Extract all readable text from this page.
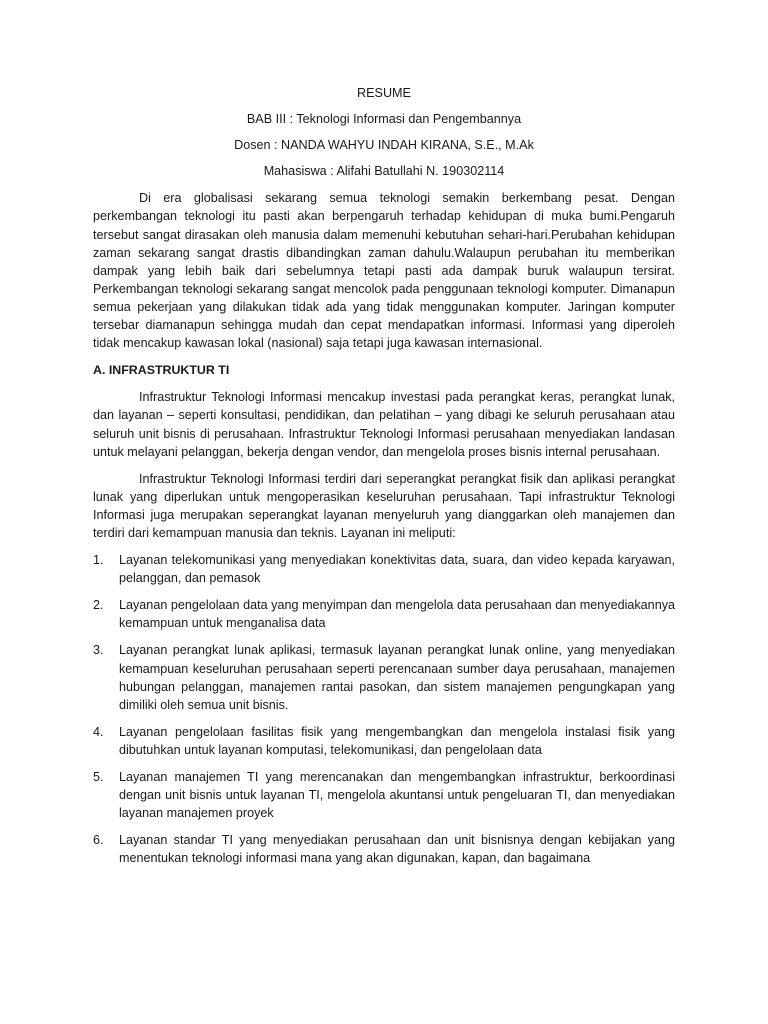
RESUME
BAB III : Teknologi Informasi dan Pengembannya
Dosen : NANDA WAHYU INDAH KIRANA, S.E., M.Ak
Mahasiswa : Alifahi Batullahi N. 190302114

Di era globalisasi sekarang semua teknologi semakin berkembang pesat. Dengan perkembangan teknologi itu pasti akan berpengaruh terhadap kehidupan di muka bumi.Pengaruh tersebut sangat dirasakan oleh manusia dalam memenuhi kebutuhan sehari-hari.Perubahan kehidupan zaman sekarang sangat drastis dibandingkan zaman dahulu.Walaupun perubahan itu memberikan dampak yang lebih baik dari sebelumnya tetapi pasti ada dampak buruk walaupun tersirat. Perkembangan teknologi sekarang sangat mencolok pada penggunaan teknologi komputer. Dimanapun semua pekerjaan yang dilakukan tidak ada yang tidak menggunakan komputer. Jaringan komputer tersebar diamanapun sehingga mudah dan cepat mendapatkan informasi. Informasi yang diperoleh tidak mencakup kawasan lokal (nasional) saja tetapi juga kawasan internasional.

A. INFRASTRUKTUR TI

Infrastruktur Teknologi Informasi mencakup investasi pada perangkat keras, perangkat lunak, dan layanan – seperti konsultasi, pendidikan, dan pelatihan – yang dibagi ke seluruh perusahaan atau seluruh unit bisnis di perusahaan. Infrastruktur Teknologi Informasi perusahaan menyediakan landasan untuk melayani pelanggan, bekerja dengan vendor, dan mengelola proses bisnis internal perusahaan.

Infrastruktur Teknologi Informasi terdiri dari seperangkat perangkat fisik dan aplikasi perangkat lunak yang diperlukan untuk mengoperasikan keseluruhan perusahaan. Tapi infrastruktur Teknologi Informasi juga merupakan seperangkat layanan menyeluruh yang dianggarkan oleh manajemen dan terdiri dari kemampuan manusia dan teknis. Layanan ini meliputi:

1.	Layanan telekomunikasi yang menyediakan konektivitas data, suara, dan video kepada karyawan, pelanggan, dan pemasok
2.	Layanan pengelolaan data yang menyimpan dan mengelola data perusahaan dan menyediakannya kemampuan untuk menganalisa data
3.	Layanan perangkat lunak aplikasi, termasuk layanan perangkat lunak online, yang menyediakan kemampuan keseluruhan perusahaan seperti perencanaan sumber daya perusahaan, manajemen hubungan pelanggan, manajemen rantai pasokan, dan sistem manajemen pengungkapan yang dimiliki oleh semua unit bisnis.
4.	Layanan pengelolaan fasilitas fisik yang mengembangkan dan mengelola instalasi fisik yang dibutuhkan untuk layanan komputasi, telekomunikasi, dan pengelolaan data
5.	Layanan manajemen TI yang merencanakan dan mengembangkan infrastruktur, berkoordinasi dengan unit bisnis untuk layanan TI, mengelola akuntansi untuk pengeluaran TI, dan menyediakan layanan manajemen proyek
6.	Layanan standar TI yang menyediakan perusahaan dan unit bisnisnya dengan kebijakan yang menentukan teknologi informasi mana yang akan digunakan, kapan, dan bagaimana
